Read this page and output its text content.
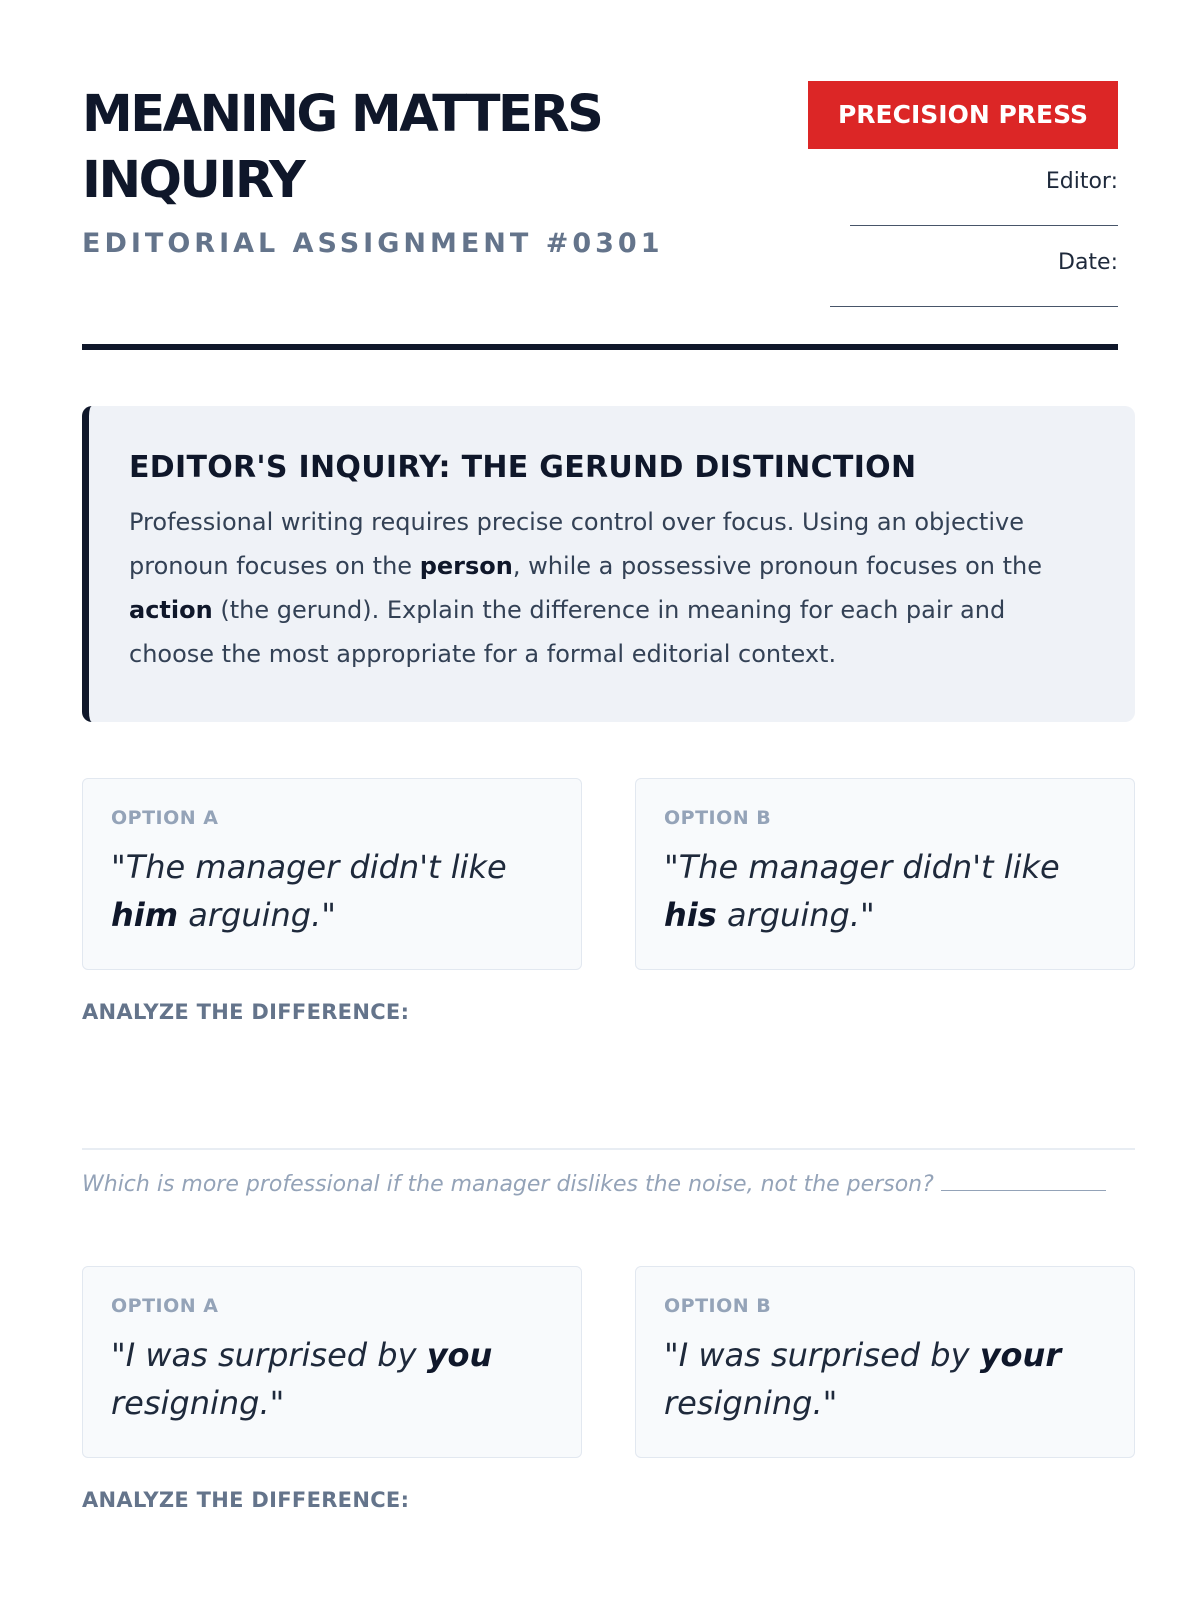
MEANING MATTERS
INQUIRY
EDITORIAL ASSIGNMENT #0301
PRECISION PRESS
Editor:
Date:
EDITOR'S INQUIRY: THE GERUND DISTINCTION

Professional writing requires precise control over focus. Using an objective pronoun focuses on the person, while a possessive pronoun focuses on the action (the gerund). Explain the difference in meaning for each pair and choose the most appropriate for a formal editorial context.

OPTION A
"The manager didn't like him arguing."
OPTION B
"The manager didn't like his arguing."
ANALYZE THE DIFFERENCE:
Which is more professional if the manager dislikes the noise, not the person?
OPTION A
"I was surprised by you resigning."
OPTION B
"I was surprised by your resigning."
ANALYZE THE DIFFERENCE:
